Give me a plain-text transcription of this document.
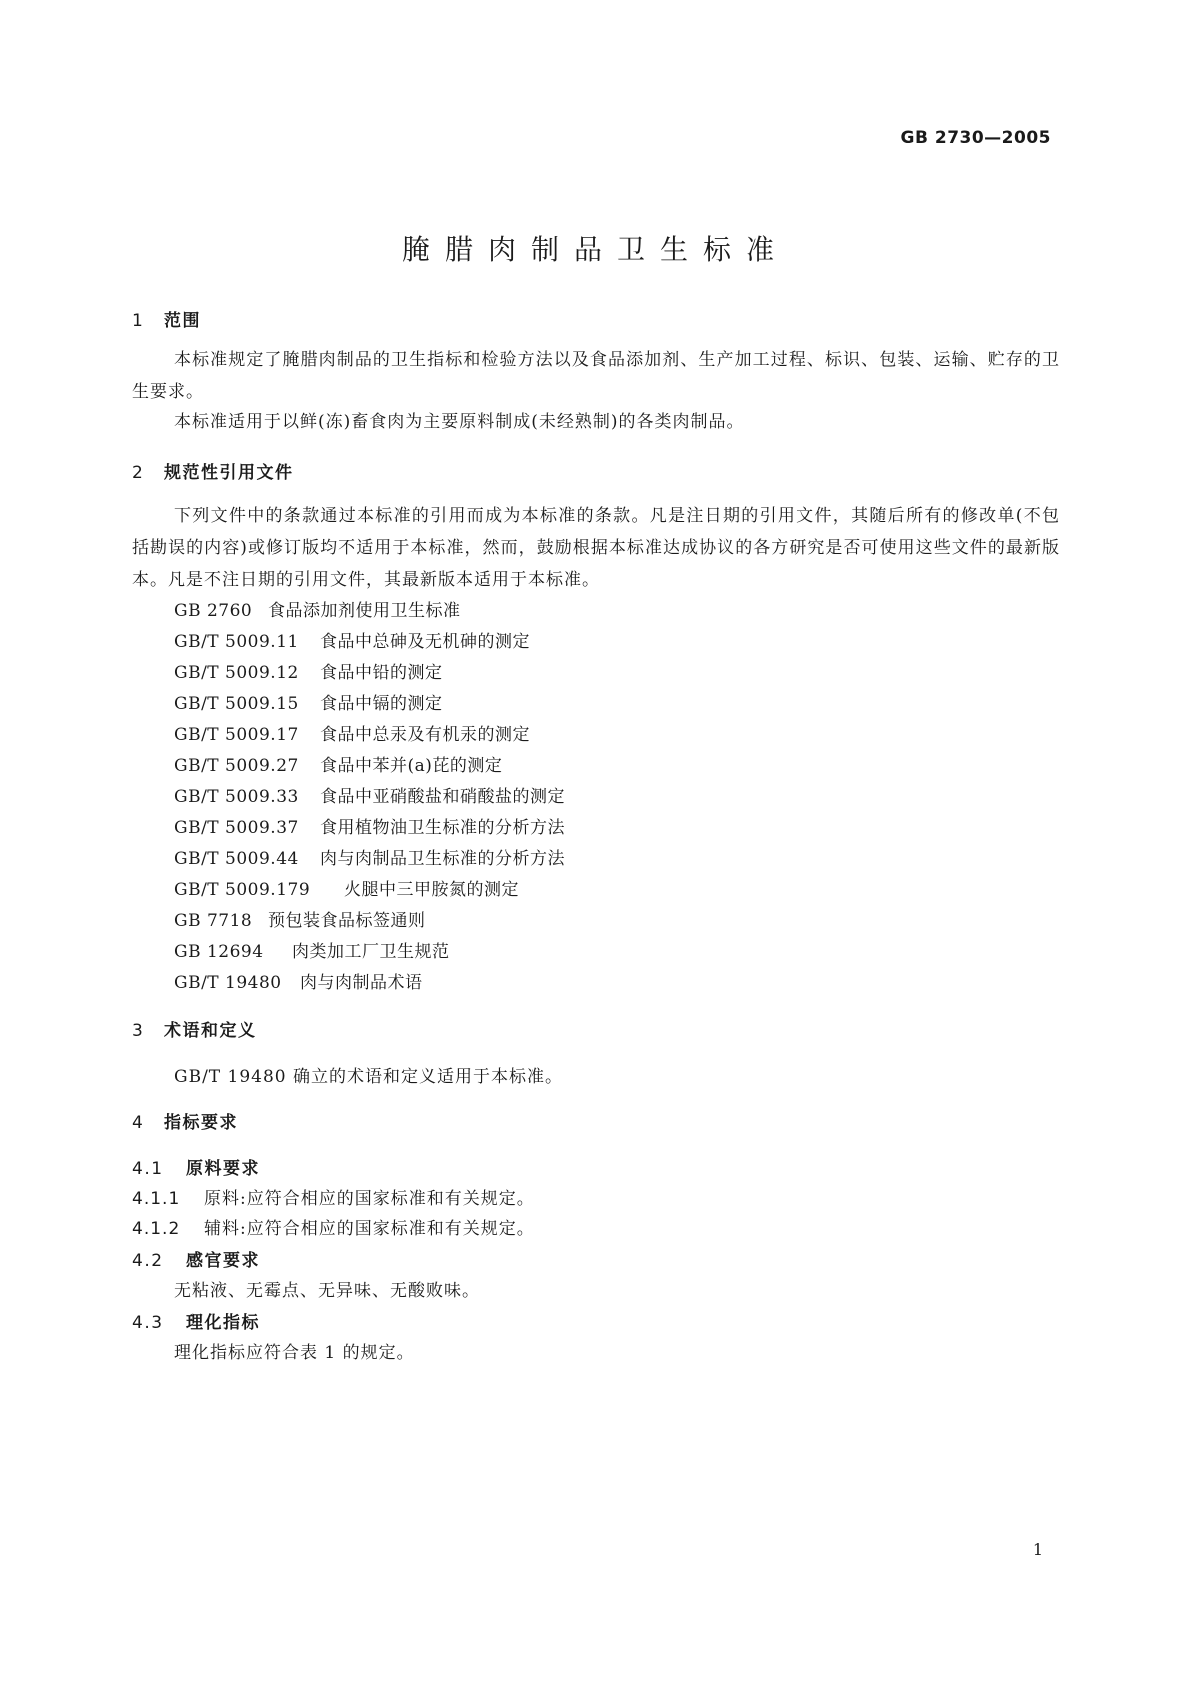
GB 2730—2005
腌腊肉制品卫生标准
1 范围
本标准规定了腌腊肉制品的卫生指标和检验方法以及食品添加剂、生产加工过程、标识、包装、运输、贮存的卫生要求。
本标准适用于以鲜(冻)畜食肉为主要原料制成(未经熟制)的各类肉制品。
2 规范性引用文件
下列文件中的条款通过本标准的引用而成为本标准的条款。凡是注日期的引用文件，其随后所有的修改单(不包括勘误的内容)或修订版均不适用于本标准，然而，鼓励根据本标准达成协议的各方研究是否可使用这些文件的最新版本。凡是不注日期的引用文件，其最新版本适用于本标准。
GB 2760 食品添加剂使用卫生标准
GB/T 5009.11 食品中总砷及无机砷的测定
GB/T 5009.12 食品中铅的测定
GB/T 5009.15 食品中镉的测定
GB/T 5009.17 食品中总汞及有机汞的测定
GB/T 5009.27 食品中苯并(a)芘的测定
GB/T 5009.33 食品中亚硝酸盐和硝酸盐的测定
GB/T 5009.37 食用植物油卫生标准的分析方法
GB/T 5009.44 肉与肉制品卫生标准的分析方法
GB/T 5009.179 火腿中三甲胺氮的测定
GB 7718 预包装食品标签通则
GB 12694 肉类加工厂卫生规范
GB/T 19480 肉与肉制品术语
3 术语和定义
GB/T 19480 确立的术语和定义适用于本标准。
4 指标要求
4.1 原料要求
4.1.1 原料:应符合相应的国家标准和有关规定。
4.1.2 辅料:应符合相应的国家标准和有关规定。
4.2 感官要求
无粘液、无霉点、无异味、无酸败味。
4.3 理化指标
理化指标应符合表 1 的规定。
1
